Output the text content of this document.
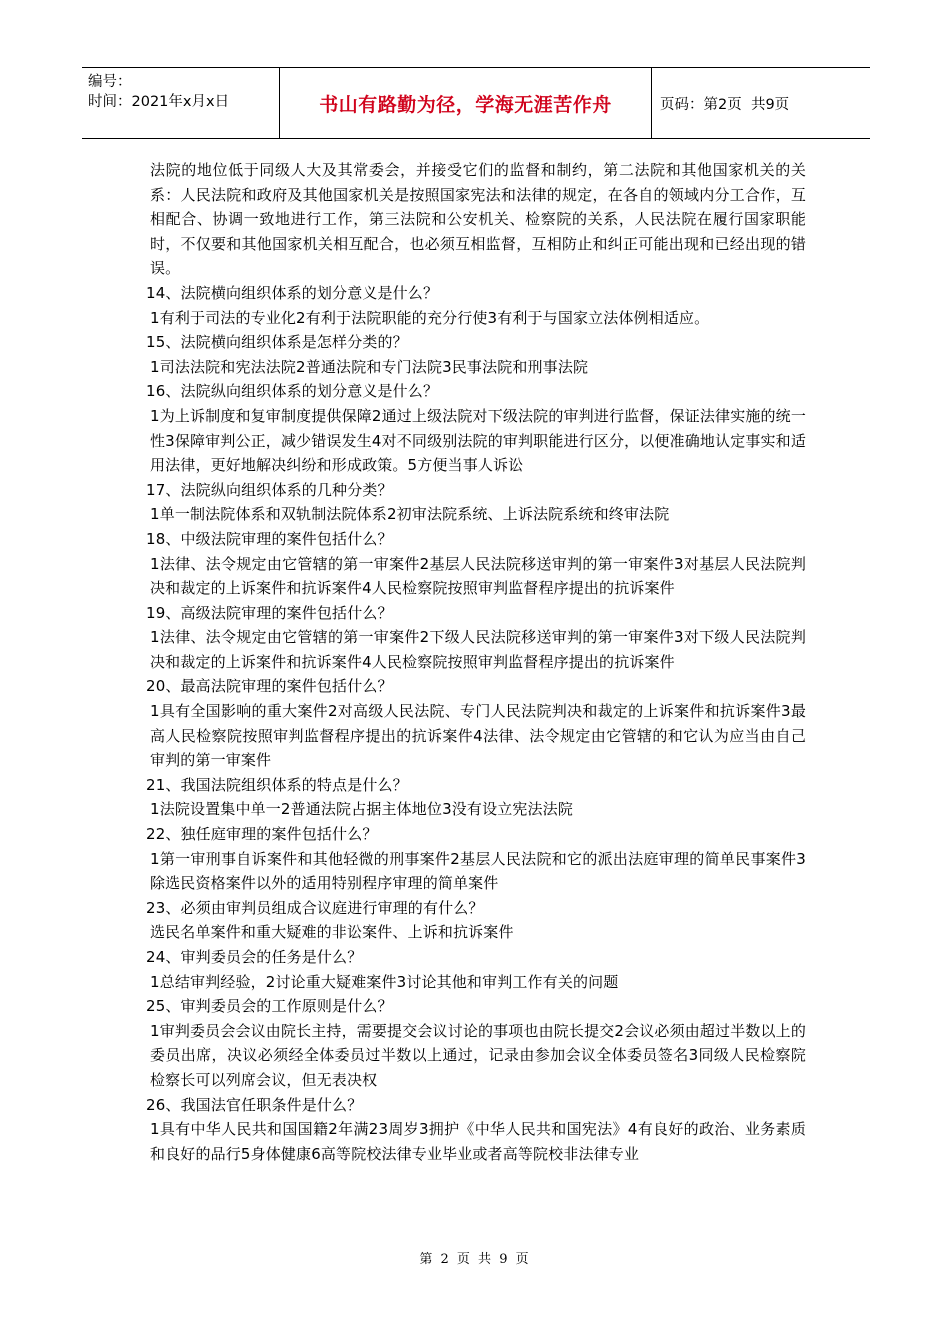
编号：
时间：2021年x月x日	书山有路勤为径，学海无涯苦作舟	页码：第2页  共9页

法院的地位低于同级人大及其常委会，并接受它们的监督和制约，第二法院和其他国家机关的关系：人民法院和政府及其他国家机关是按照国家宪法和法律的规定，在各自的领域内分工合作，互相配合、协调一致地进行工作，第三法院和公安机关、检察院的关系，人民法院在履行国家职能时，不仅要和其他国家机关相互配合，也必须互相监督，互相防止和纠正可能出现和已经出现的错误。

14、法院横向组织体系的划分意义是什么？

1有利于司法的专业化2有利于法院职能的充分行使3有利于与国家立法体例相适应。

15、法院横向组织体系是怎样分类的？

1司法法院和宪法法院2普通法院和专门法院3民事法院和刑事法院

16、法院纵向组织体系的划分意义是什么？

1为上诉制度和复审制度提供保障2通过上级法院对下级法院的审判进行监督，保证法律实施的统一性3保障审判公正，减少错误发生4对不同级别法院的审判职能进行区分，以便准确地认定事实和适用法律，更好地解决纠纷和形成政策。5方便当事人诉讼

17、法院纵向组织体系的几种分类？

1单一制法院体系和双轨制法院体系2初审法院系统、上诉法院系统和终审法院

18、中级法院审理的案件包括什么？

1法律、法令规定由它管辖的第一审案件2基层人民法院移送审判的第一审案件3对基层人民法院判决和裁定的上诉案件和抗诉案件4人民检察院按照审判监督程序提出的抗诉案件

19、高级法院审理的案件包括什么？

1法律、法令规定由它管辖的第一审案件2下级人民法院移送审判的第一审案件3对下级人民法院判决和裁定的上诉案件和抗诉案件4人民检察院按照审判监督程序提出的抗诉案件

20、最高法院审理的案件包括什么？

1具有全国影响的重大案件2对高级人民法院、专门人民法院判决和裁定的上诉案件和抗诉案件3最高人民检察院按照审判监督程序提出的抗诉案件4法律、法令规定由它管辖的和它认为应当由自己审判的第一审案件

21、我国法院组织体系的特点是什么？

1法院设置集中单一2普通法院占据主体地位3没有设立宪法法院

22、独任庭审理的案件包括什么？

1第一审刑事自诉案件和其他轻微的刑事案件2基层人民法院和它的派出法庭审理的简单民事案件3除选民资格案件以外的适用特别程序审理的简单案件

23、必须由审判员组成合议庭进行审理的有什么？

选民名单案件和重大疑难的非讼案件、上诉和抗诉案件

24、审判委员会的任务是什么？

1总结审判经验，2讨论重大疑难案件3讨论其他和审判工作有关的问题

25、审判委员会的工作原则是什么？

1审判委员会会议由院长主持，需要提交会议讨论的事项也由院长提交2会议必须由超过半数以上的委员出席，决议必须经全体委员过半数以上通过，记录由参加会议全体委员签名3同级人民检察院检察长可以列席会议，但无表决权

26、我国法官任职条件是什么？

1具有中华人民共和国国籍2年满23周岁3拥护《中华人民共和国宪法》4有良好的政治、业务素质和良好的品行5身体健康6高等院校法律专业毕业或者高等院校非法律专业

第 2 页 共 9 页
